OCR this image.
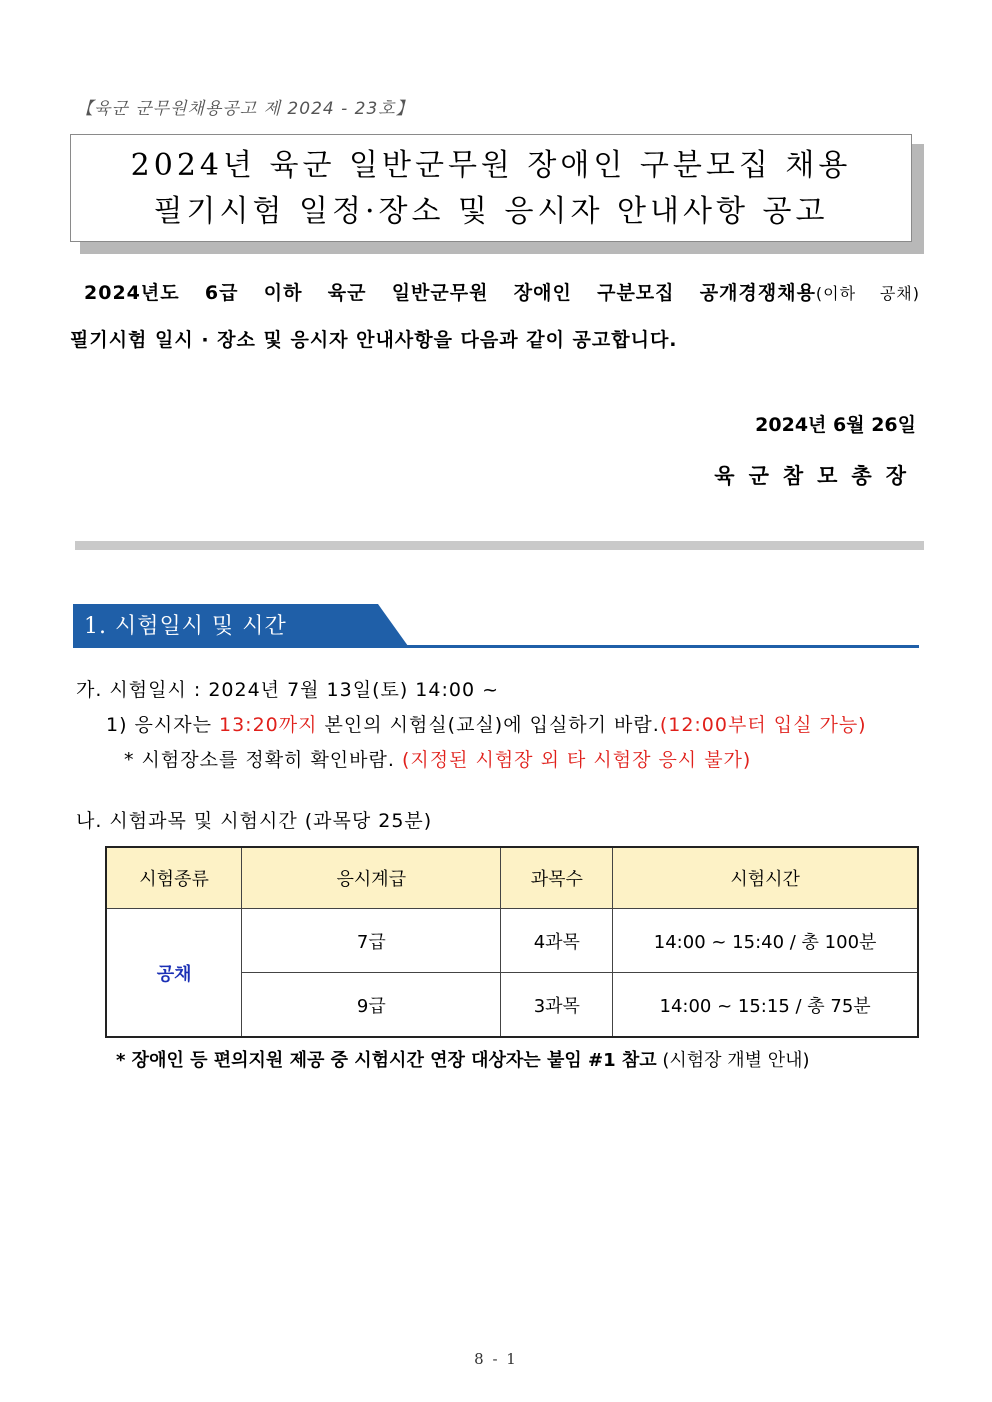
【육군 군무원채용공고 제 2024 - 23호】
2024년 육군 일반군무원 장애인 구분모집 채용
필기시험 일정·장소 및 응시자 안내사항 공고
2024년도 6급 이하 육군 일반군무원 장애인 구분모집 공개경쟁채용(이하 공채)
필기시험 일시 · 장소 및 응시자 안내사항을 다음과 같이 공고합니다.
2024년 6월 26일
육군참모총장
1. 시험일시 및 시간
가. 시험일시 : 2024년 7월 13일(토) 14:00 ~
1) 응시자는 13:20까지 본인의 시험실(교실)에 입실하기 바람.(12:00부터 입실 가능)
* 시험장소를 정확히 확인바람. (지정된 시험장 외 타 시험장 응시 불가)
나. 시험과목 및 시험시간 (과목당 25분)
시험종류	응시계급	과목수	시험시간
공채	7급	4과목	14:00 ~ 15:40 / 총 100분
	9급	3과목	14:00 ~ 15:15 / 총 75분
* 장애인 등 편의지원 제공 중 시험시간 연장 대상자는 붙임 #1 참고 (시험장 개별 안내)
8 - 1
